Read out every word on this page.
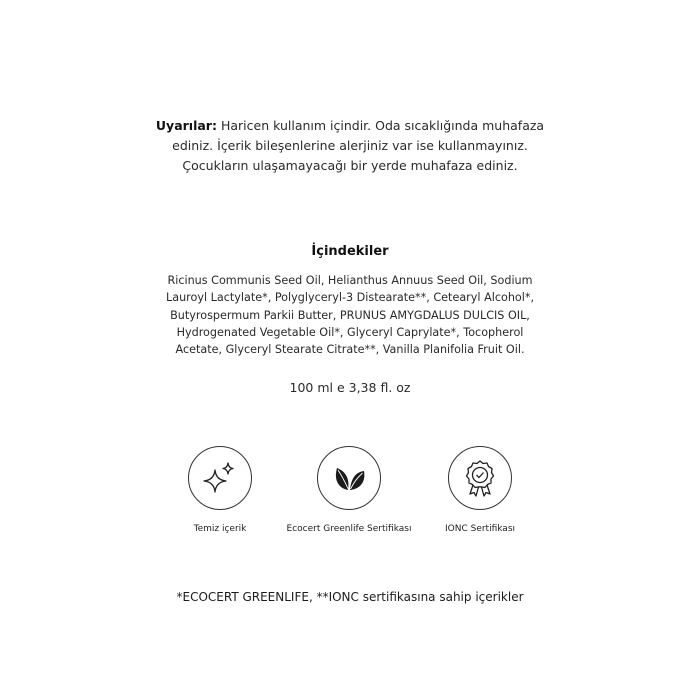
Uyarılar: Haricen kullanım içindir. Oda sıcaklığında muhafaza ediniz. İçerik bileşenlerine alerjiniz var ise kullanmayınız. Çocukların ulaşamayacağı bir yerde muhafaza ediniz.
İçindekiler
Ricinus Communis Seed Oil, Helianthus Annuus Seed Oil, Sodium Lauroyl Lactylate*, Polyglyceryl-3 Distearate**, Cetearyl Alcohol*, Butyrospermum Parkii Butter, PRUNUS AMYGDALUS DULCIS OIL, Hydrogenated Vegetable Oil*, Glyceryl Caprylate*, Tocopherol Acetate, Glyceryl Stearate Citrate**, Vanilla Planifolia Fruit Oil.
100 ml e 3,38 fl. oz
Temiz içerik	Ecocert Greenlife Sertifikası	IONC Sertifikası
*ECOCERT GREENLIFE, **IONC sertifikasına sahip içerikler
